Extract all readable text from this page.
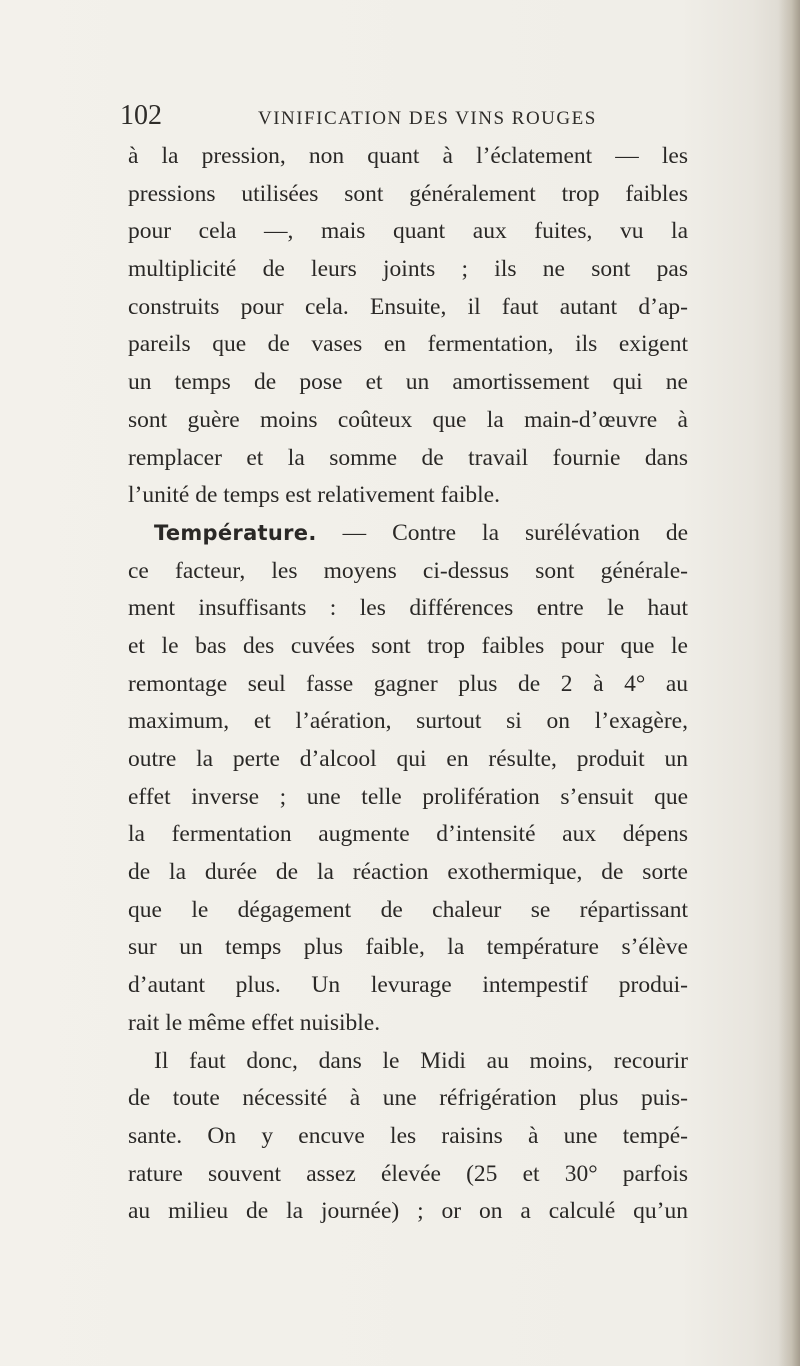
102	VINIFICATION DES VINS ROUGES
à la pression, non quant à l’éclatement — les
pressions utilisées sont généralement trop faibles
pour cela —, mais quant aux fuites, vu la
multiplicité de leurs joints ; ils ne sont pas
construits pour cela. Ensuite, il faut autant d’ap-
pareils que de vases en fermentation, ils exigent
un temps de pose et un amortissement qui ne
sont guère moins coûteux que la main-d’œuvre à
remplacer et la somme de travail fournie dans
l’unité de temps est relativement faible.
Température. — Contre la surélévation de
ce facteur, les moyens ci-dessus sont générale-
ment insuffisants : les différences entre le haut
et le bas des cuvées sont trop faibles pour que le
remontage seul fasse gagner plus de 2 à 4° au
maximum, et l’aération, surtout si on l’exagère,
outre la perte d’alcool qui en résulte, produit un
effet inverse ; une telle prolifération s’ensuit que
la fermentation augmente d’intensité aux dépens
de la durée de la réaction exothermique, de sorte
que le dégagement de chaleur se répartissant
sur un temps plus faible, la température s’élève
d’autant plus. Un levurage intempestif produi-
rait le même effet nuisible.
Il faut donc, dans le Midi au moins, recourir
de toute nécessité à une réfrigération plus puis-
sante. On y encuve les raisins à une tempé-
rature souvent assez élevée (25 et 30° parfois
au milieu de la journée) ; or on a calculé qu’un
